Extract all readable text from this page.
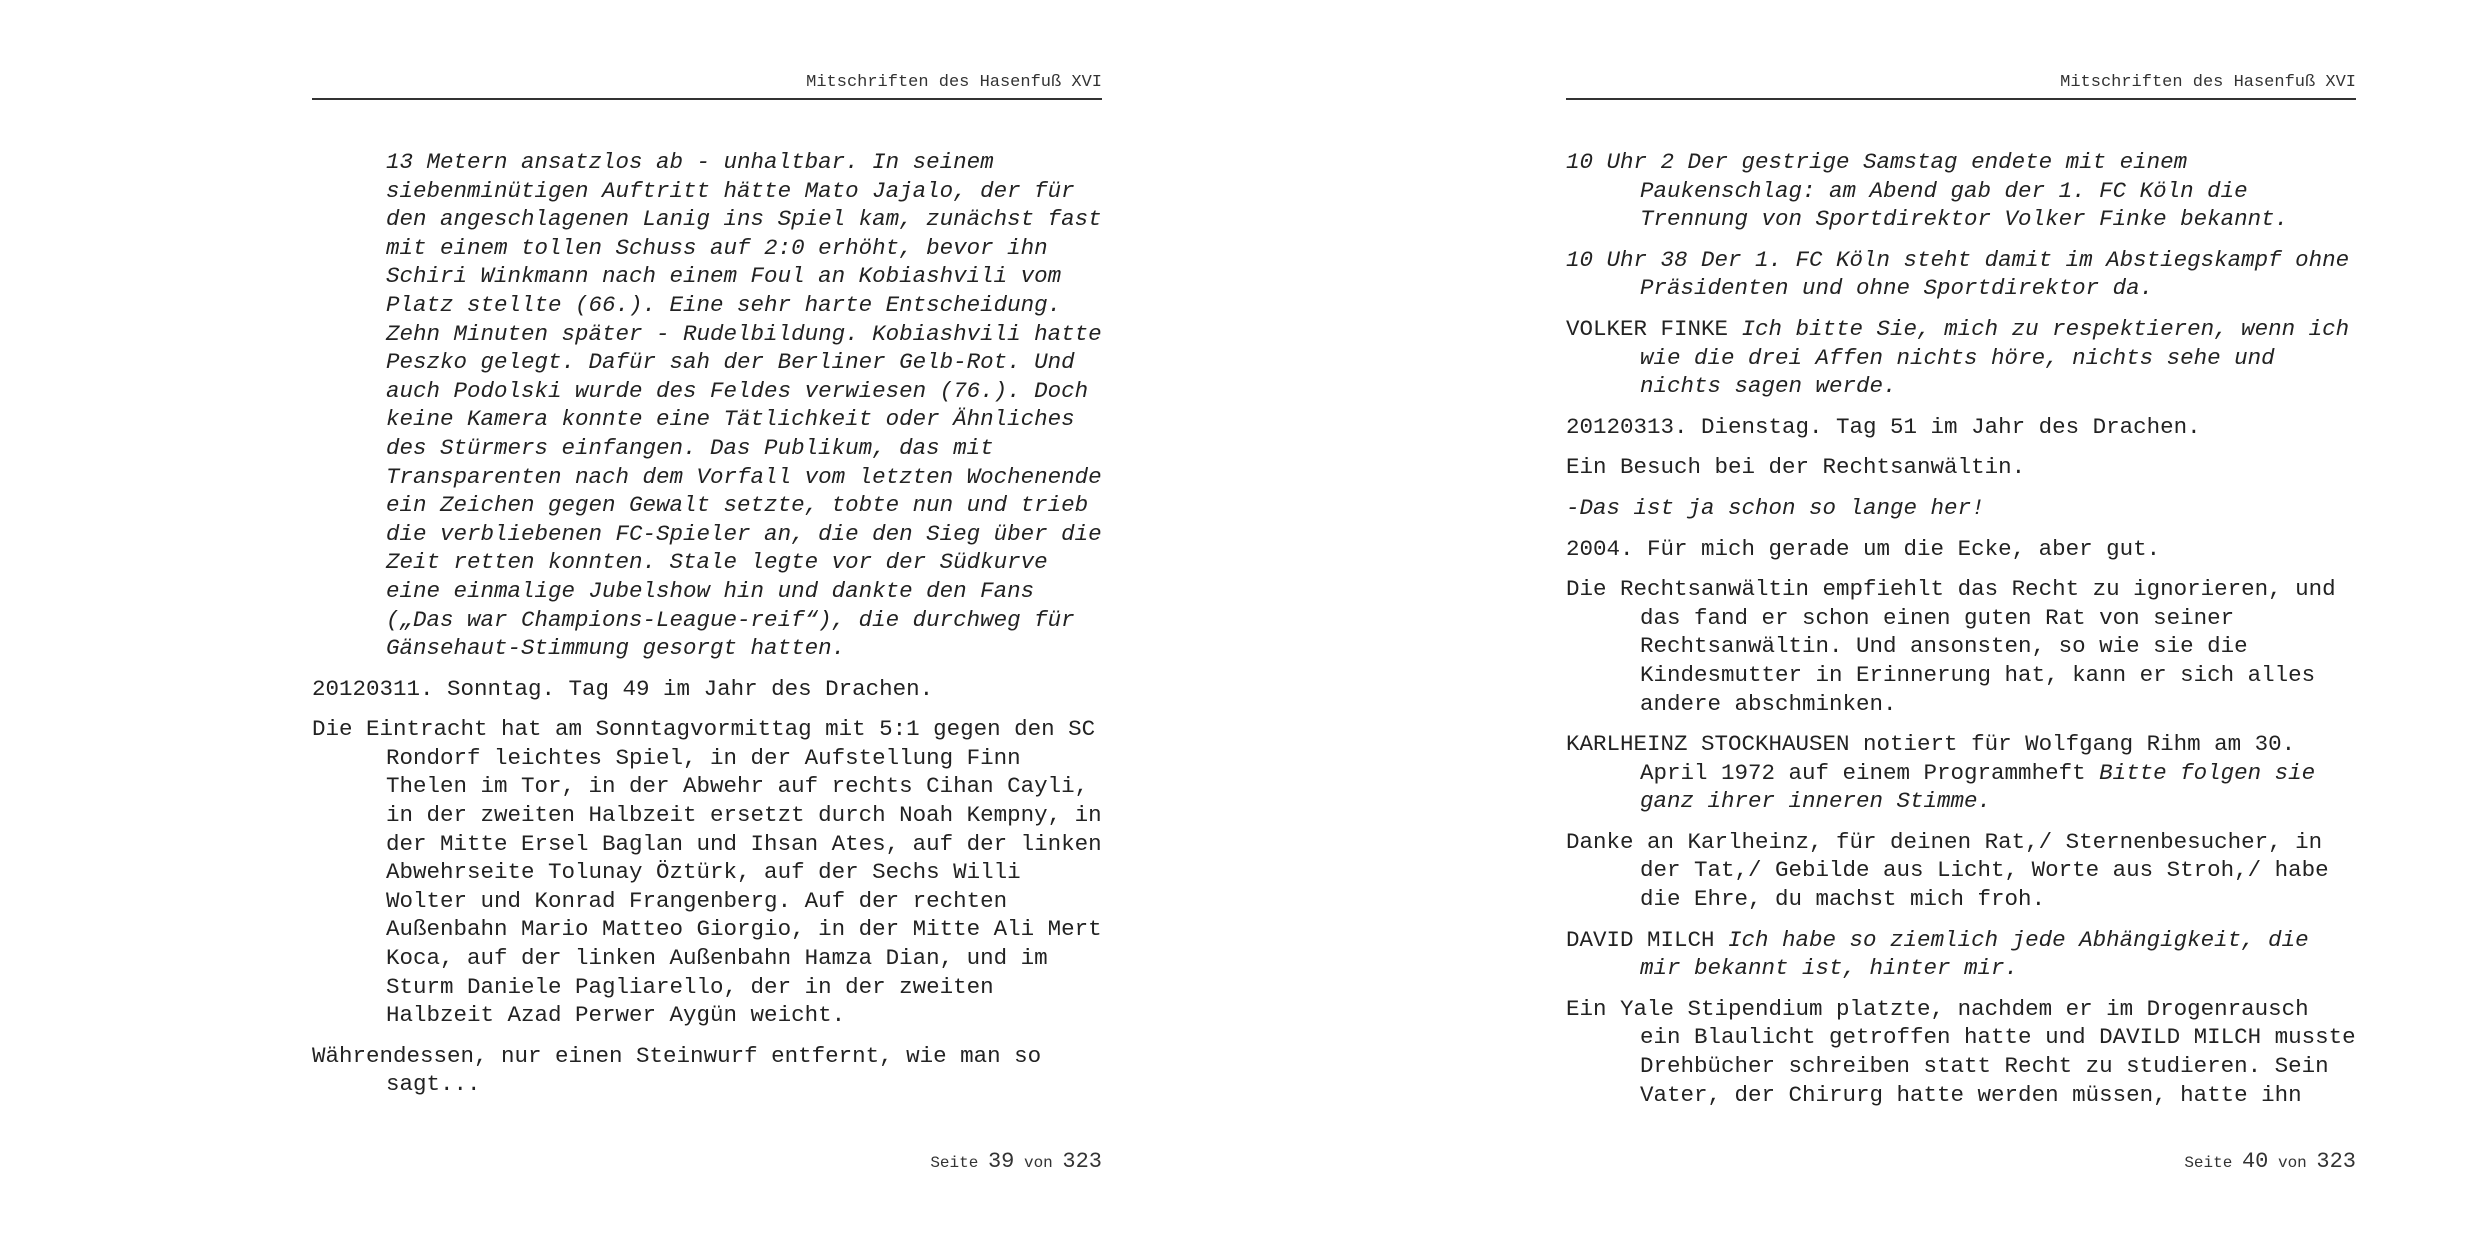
Mitschriften des Hasenfuß XVI

13 Metern ansatzlos ab - unhaltbar. In seinem siebenminütigen Auftritt hätte Mato Jajalo, der für den angeschlagenen Lanig ins Spiel kam, zunächst fast mit einem tollen Schuss auf 2:0 erhöht, bevor ihn Schiri Winkmann nach einem Foul an Kobiashvili vom Platz stellte (66.). Eine sehr harte Entscheidung. Zehn Minuten später - Rudelbildung. Kobiashvili hatte Peszko gelegt. Dafür sah der Berliner Gelb-Rot. Und auch Podolski wurde des Feldes verwiesen (76.). Doch keine Kamera konnte eine Tätlichkeit oder Ähnliches des Stürmers einfangen. Das Publikum, das mit Transparenten nach dem Vorfall vom letzten Wochenende ein Zeichen gegen Gewalt setzte, tobte nun und trieb die verbliebenen FC-Spieler an, die den Sieg über die Zeit retten konnten. Stale legte vor der Südkurve eine einmalige Jubelshow hin und dankte den Fans („Das war Champions-League-reif“), die durchweg für Gänsehaut-Stimmung gesorgt hatten.

20120311. Sonntag. Tag 49 im Jahr des Drachen.

Die Eintracht hat am Sonntagvormittag mit 5:1 gegen den SC Rondorf leichtes Spiel, in der Aufstellung Finn Thelen im Tor, in der Abwehr auf rechts Cihan Cayli, in der zweiten Halbzeit ersetzt durch Noah Kempny, in der Mitte Ersel Baglan und Ihsan Ates, auf der linken Abwehrseite Tolunay Öztürk, auf der Sechs Willi Wolter und Konrad Frangenberg. Auf der rechten Außenbahn Mario Matteo Giorgio, in der Mitte Ali Mert Koca, auf der linken Außenbahn Hamza Dian, und im Sturm Daniele Pagliarello, der in der zweiten Halbzeit Azad Perwer Aygün weicht.

Währendessen, nur einen Steinwurf entfernt, wie man so sagt...

Seite 39 von 323
Mitschriften des Hasenfuß XVI

10 Uhr 2 Der gestrige Samstag endete mit einem Paukenschlag: am Abend gab der 1. FC Köln die Trennung von Sportdirektor Volker Finke bekannt.

10 Uhr 38 Der 1. FC Köln steht damit im Abstiegskampf ohne Präsidenten und ohne Sportdirektor da.

VOLKER FINKE Ich bitte Sie, mich zu respektieren, wenn ich wie die drei Affen nichts höre, nichts sehe und nichts sagen werde.

20120313. Dienstag. Tag 51 im Jahr des Drachen.

Ein Besuch bei der Rechtsanwältin.

-Das ist ja schon so lange her!

2004. Für mich gerade um die Ecke, aber gut.

Die Rechtsanwältin empfiehlt das Recht zu ignorieren, und das fand er schon einen guten Rat von seiner Rechtsanwältin. Und ansonsten, so wie sie die Kindesmutter in Erinnerung hat, kann er sich alles andere abschminken.

KARLHEINZ STOCKHAUSEN notiert für Wolfgang Rihm am 30. April 1972 auf einem Programmheft Bitte folgen sie ganz ihrer inneren Stimme.

Danke an Karlheinz, für deinen Rat,/ Sternenbesucher, in der Tat,/ Gebilde aus Licht, Worte aus Stroh,/ habe die Ehre, du machst mich froh.

DAVID MILCH Ich habe so ziemlich jede Abhängigkeit, die mir bekannt ist, hinter mir.

Ein Yale Stipendium platzte, nachdem er im Drogenrausch ein Blaulicht getroffen hatte und DAVILD MILCH musste Drehbücher schreiben statt Recht zu studieren. Sein Vater, der Chirurg hatte werden müssen, hatte ihn

Seite 40 von 323
